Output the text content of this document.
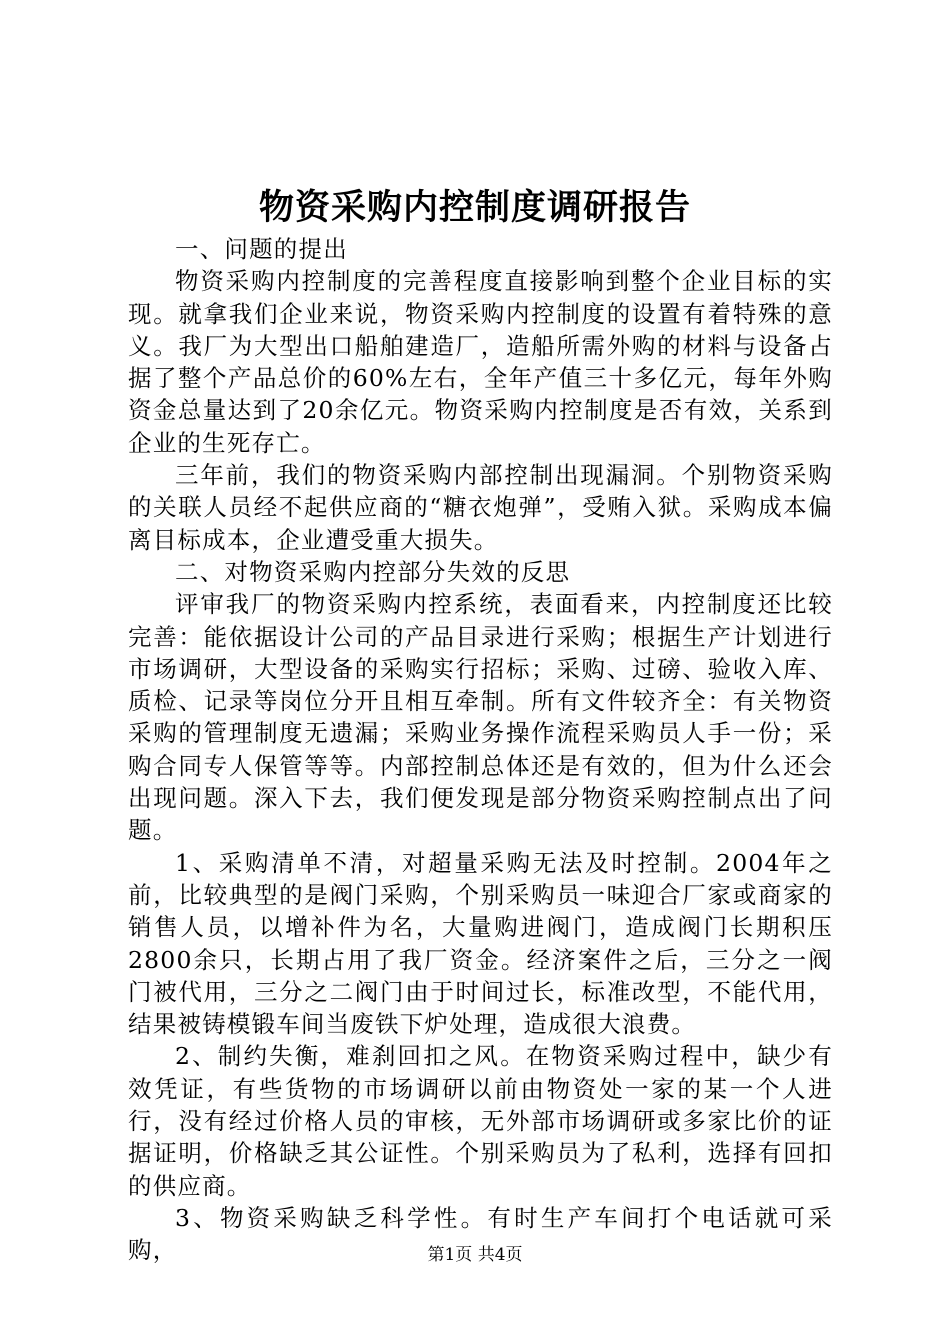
物资采购内控制度调研报告

一、问题的提出

物资采购内控制度的完善程度直接影响到整个企业目标的实现。就拿我们企业来说，物资采购内控制度的设置有着特殊的意义。我厂为大型出口船舶建造厂，造船所需外购的材料与设备占据了整个产品总价的60%左右，全年产值三十多亿元，每年外购资金总量达到了20余亿元。物资采购内控制度是否有效，关系到企业的生死存亡。

三年前，我们的物资采购内部控制出现漏洞。个别物资采购的关联人员经不起供应商的“糖衣炮弹”，受贿入狱。采购成本偏离目标成本，企业遭受重大损失。

二、对物资采购内控部分失效的反思

评审我厂的物资采购内控系统，表面看来，内控制度还比较完善：能依据设计公司的产品目录进行采购；根据生产计划进行市场调研，大型设备的采购实行招标；采购、过磅、验收入库、质检、记录等岗位分开且相互牵制。所有文件较齐全：有关物资采购的管理制度无遗漏；采购业务操作流程采购员人手一份；采购合同专人保管等等。内部控制总体还是有效的，但为什么还会出现问题。深入下去，我们便发现是部分物资采购控制点出了问题。

1、采购清单不清，对超量采购无法及时控制。2004年之前，比较典型的是阀门采购，个别采购员一味迎合厂家或商家的销售人员，以增补件为名，大量购进阀门，造成阀门长期积压2800余只，长期占用了我厂资金。经济案件之后，三分之一阀门被代用，三分之二阀门由于时间过长，标准改型，不能代用，结果被铸模锻车间当废铁下炉处理，造成很大浪费。

2、制约失衡，难刹回扣之风。在物资采购过程中，缺少有效凭证，有些货物的市场调研以前由物资处一家的某一个人进行，没有经过价格人员的审核，无外部市场调研或多家比价的证据证明，价格缺乏其公证性。个别采购员为了私利，选择有回扣的供应商。

3、物资采购缺乏科学性。有时生产车间打个电话就可采购，	第1页 共4页
